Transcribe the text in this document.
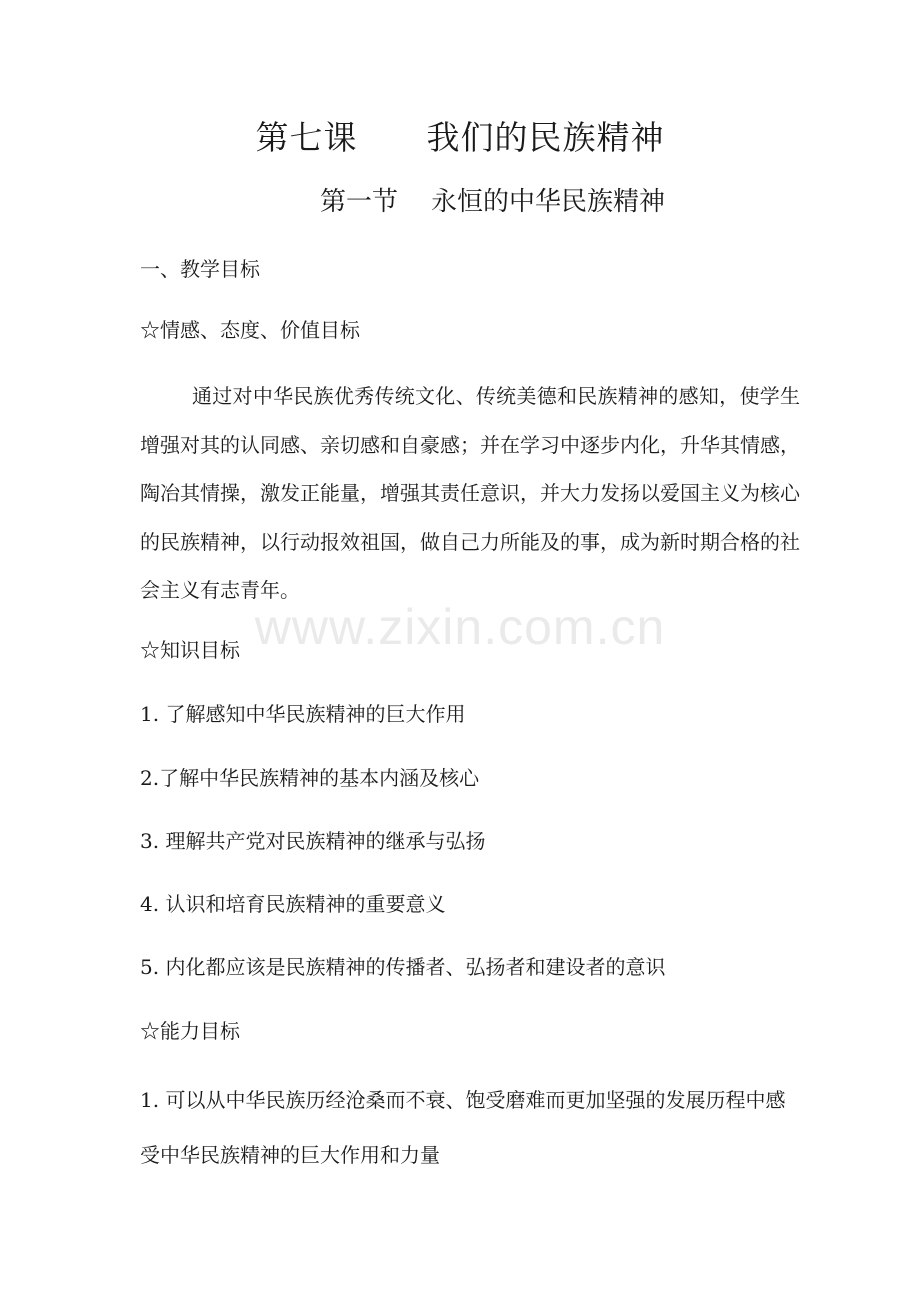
第七课      我们的民族精神
第一节    永恒的中华民族精神
一、教学目标
☆情感、态度、价值目标
通过对中华民族优秀传统文化、传统美德和民族精神的感知，使学生增强对其的认同感、亲切感和自豪感；并在学习中逐步内化，升华其情感，陶冶其情操，激发正能量，增强其责任意识，并大力发扬以爱国主义为核心的民族精神，以行动报效祖国，做自己力所能及的事，成为新时期合格的社会主义有志青年。
☆知识目标
1. 了解感知中华民族精神的巨大作用
2.了解中华民族精神的基本内涵及核心
3. 理解共产党对民族精神的继承与弘扬
4. 认识和培育民族精神的重要意义
5. 内化都应该是民族精神的传播者、弘扬者和建设者的意识
☆能力目标
1. 可以从中华民族历经沧桑而不衰、饱受磨难而更加坚强的发展历程中感受中华民族精神的巨大作用和力量
www.zixin.com.cn
